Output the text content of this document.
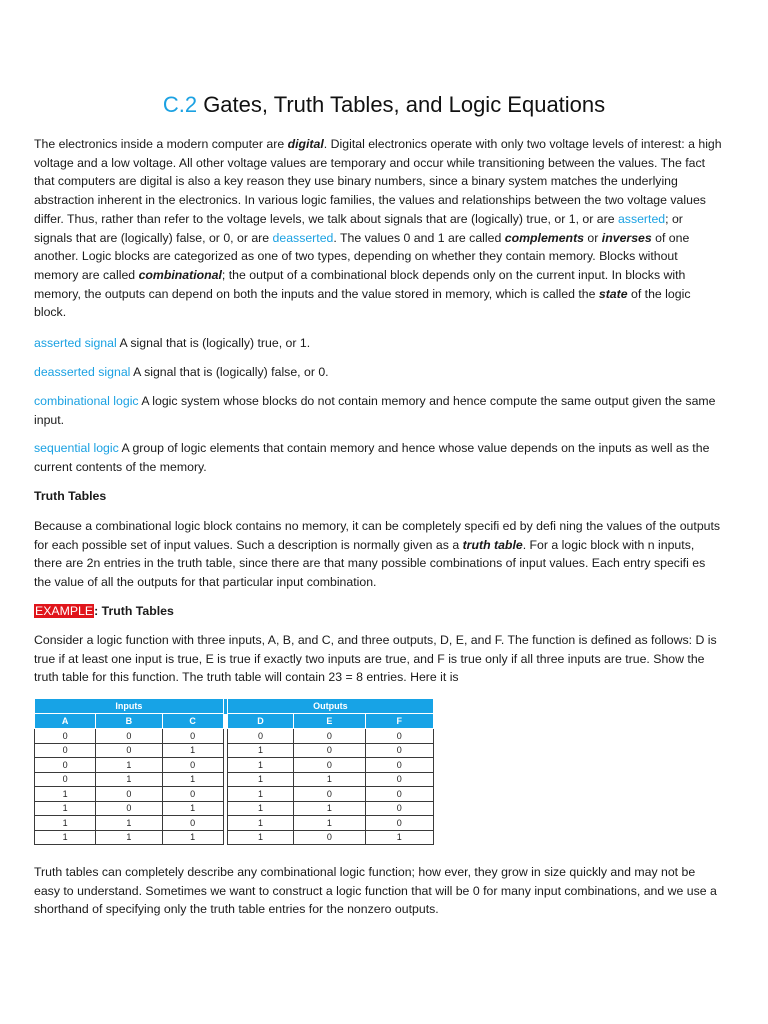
C.2 Gates, Truth Tables, and Logic Equations

The electronics inside a modern computer are digital. Digital electronics operate with only two voltage levels of interest: a high voltage and a low voltage. All other voltage values are temporary and occur while transitioning between the values. The fact that computers are digital is also a key reason they use binary numbers, since a binary system matches the underlying abstraction inherent in the electronics. In various logic families, the values and relationships between the two voltage values differ. Thus, rather than refer to the voltage levels, we talk about signals that are (logically) true, or 1, or are asserted; or signals that are (logically) false, or 0, or are deasserted. The values 0 and 1 are called complements or inverses of one another. Logic blocks are categorized as one of two types, depending on whether they contain memory. Blocks without memory are called combinational; the output of a combinational block depends only on the current input. In blocks with memory, the outputs can depend on both the inputs and the value stored in memory, which is called the state of the logic block.

asserted signal A signal that is (logically) true, or 1.

deasserted signal A signal that is (logically) false, or 0.

combinational logic A logic system whose blocks do not contain memory and hence compute the same output given the same input.

sequential logic A group of logic elements that contain memory and hence whose value depends on the inputs as well as the current contents of the memory.

Truth Tables

Because a combinational logic block contains no memory, it can be completely specifi ed by defi ning the values of the outputs for each possible set of input values. Such a description is normally given as a truth table. For a logic block with n inputs, there are 2n entries in the truth table, since there are that many possible combinations of input values. Each entry specifi es the value of all the outputs for that particular input combination.

EXAMPLE: Truth Tables

Consider a logic function with three inputs, A, B, and C, and three outputs, D, E, and F. The function is defined as follows: D is true if at least one input is true, E is true if exactly two inputs are true, and F is true only if all three inputs are true. Show the truth table for this function. The truth table will contain 23 = 8 entries. Here it is

Inputs				Outputs		
A	B	C		D	E	F
0	0	0		0	0	0
0	0	1		1	0	0
0	1	0		1	0	0
0	1	1		1	1	0
1	0	0		1	0	0
1	0	1		1	1	0
1	1	0		1	1	0
1	1	1		1	0	1

Truth tables can completely describe any combinational logic function; how ever, they grow in size quickly and may not be easy to understand. Sometimes we want to construct a logic function that will be 0 for many input combinations, and we use a shorthand of specifying only the truth table entries for the nonzero outputs.
